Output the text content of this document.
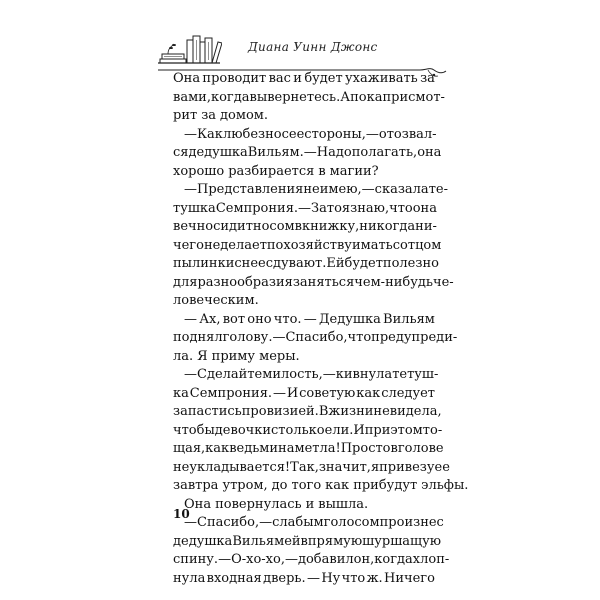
Диана Уинн Джонс
Она проводит вас и будет ухаживать за
вами, когда вы вернетесь. А пока присмот-
рит за домом.
— Как любезно с ее стороны, — отозвал-
ся дедушка Вильям. — Надо полагать, она
хорошо разбирается в магии?
— Представления не имею, — сказала те-
тушка Семпрония. — Зато я знаю, что она
вечно сидит носом в книжку, никогда ни-
чего не делает по хозяйству и мать с отцом
пылинки с нее сдувают. Ей будет полезно
для разнообразия заняться чем-нибудь че-
ловеческим.
— Ах, вот оно что. — Дедушка Вильям
поднял голову. — Спасибо, что предупреди-
ла. Я приму меры.
— Сделайте милость, — кивнула тетуш-
ка Семпрония. — И советую как следует
запастись провизией. В жизни не видела,
чтобы девочки столько ели. И при этом то-
щая, как ведьмина метла! Просто в голове
не укладывается! Так, значит, я привезу ее
завтра утром, до того как прибудут эльфы.
Она повернулась и вышла.
— Спасибо, — слабым голосом произнес
дедушка Вильям ей в прямую шуршащую
спину. — О-хо-хо, — добавил он, когда хлоп-
нула входная дверь. — Ну что ж. Ничего
10
